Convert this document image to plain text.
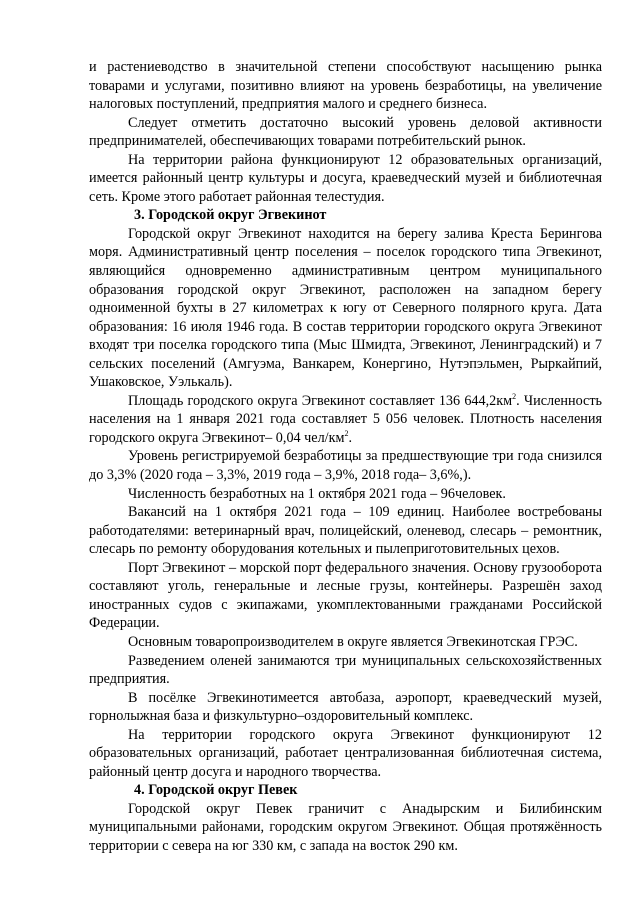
и растениеводство в значительной степени способствуют насыщению рынка товарами и услугами, позитивно влияют на уровень безработицы, на увеличение налоговых поступлений, предприятия малого и среднего бизнеса.

Следует отметить достаточно высокий уровень деловой активности предпринимателей, обеспечивающих товарами потребительский рынок.

На территории района функционируют 12 образовательных организаций, имеется районный центр культуры и досуга, краеведческий музей и библиотечная сеть. Кроме этого работает районная телестудия.

3. Городской округ Эгвекинот

Городской округ Эгвекинот находится на берегу залива Креста Берингова моря. Административный центр поселения – поселок городского типа Эгвекинот, являющийся одновременно административным центром муниципального образования городской округ Эгвекинот, расположен на западном берегу одноименной бухты в 27 километрах к югу от Северного полярного круга. Дата образования: 16 июля 1946 года. В состав территории городского округа Эгвекинот входят три поселка городского типа (Мыс Шмидта, Эгвекинот, Ленинградский) и 7 сельских поселений (Амгуэма, Ванкарем, Конергино, Нутэпэльмен, Рыркайпий, Ушаковское, Уэлькаль).

Площадь городского округа Эгвекинот составляет 136 $644,2км^2$. Численность населения на 1 января 2021 года составляет 5 056 человек. Плотность населения городского округа Эгвекинот– 0,04 чел/$км^2$.

Уровень регистрируемой безработицы за предшествующие три года снизился до 3,3% (2020 года – 3,3%, 2019 года – 3,9%, 2018 года– 3,6%,).

Численность безработных на 1 октября 2021 года – 96человек.

Вакансий на 1 октября 2021 года – 109 единиц. Наиболее востребованы работодателями: ветеринарный врач, полицейский, оленевод, слесарь – ремонтник, слесарь по ремонту оборудования котельных и пылеприготовительных цехов.

Порт Эгвекинот – морской порт федерального значения. Основу грузооборота составляют уголь, генеральные и лесные грузы, контейнеры. Разрешён заход иностранных судов с экипажами, укомплектованными гражданами Российской Федерации.

Основным товаропроизводителем в округе является Эгвекинотская ГРЭС.

Разведением оленей занимаются три муниципальных сельскохозяйственных предприятия.

В посёлке Эгвекинотимеется автобаза, аэропорт, краеведческий музей, горнолыжная база и физкультурно–оздоровительный комплекс.

На территории городского округа Эгвекинот функционируют 12 образовательных организаций, работает централизованная библиотечная система, районный центр досуга и народного творчества.

4. Городской округ Певек

Городской округ Певек граничит с Анадырским и Билибинским муниципальными районами, городским округом Эгвекинот. Общая протяжённость территории с севера на юг 330 км, с запада на восток 290 км.
